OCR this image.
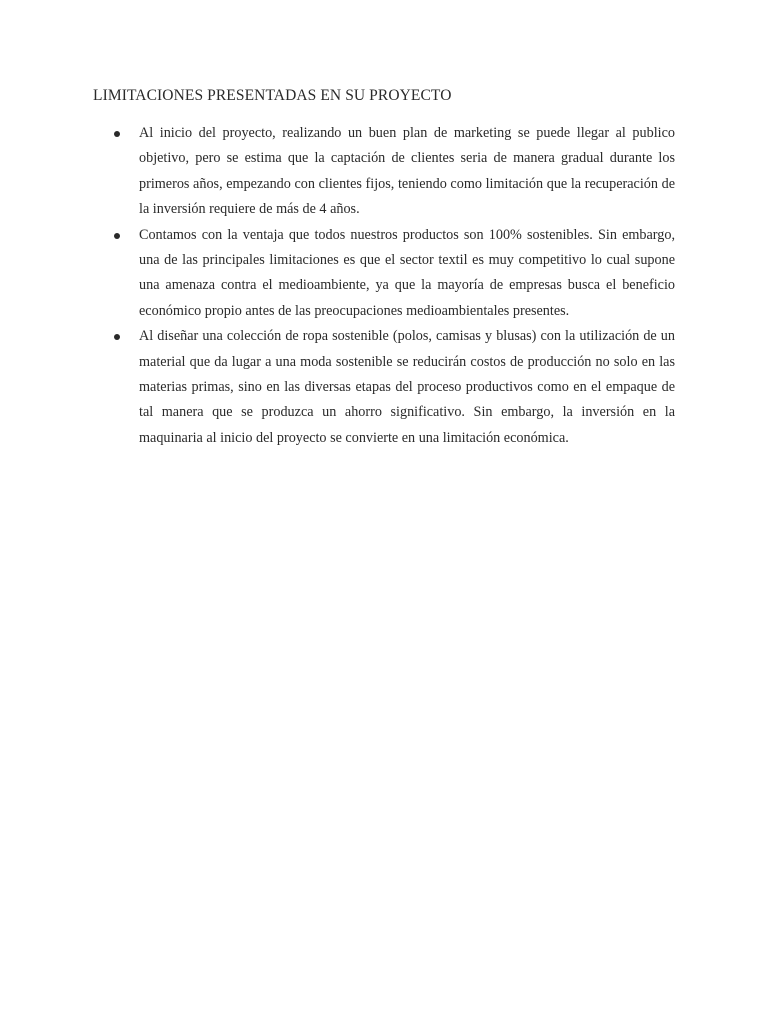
LIMITACIONES PRESENTADAS EN SU PROYECTO
Al inicio del proyecto, realizando un buen plan de marketing se puede llegar al publico objetivo, pero se estima que la captación de clientes seria de manera gradual durante los primeros años, empezando con clientes fijos, teniendo como limitación que la recuperación de la inversión requiere de más de 4 años.
Contamos con la ventaja que todos nuestros productos son 100% sostenibles. Sin embargo, una de las principales limitaciones es que el sector textil es muy competitivo lo cual supone una amenaza contra el medioambiente, ya que la mayoría de empresas busca el beneficio económico propio antes de las preocupaciones medioambientales presentes.
Al diseñar una colección de ropa sostenible (polos, camisas y blusas) con la utilización de un material que da lugar a una moda sostenible se reducirán costos de producción no solo en las materias primas, sino en las diversas etapas del proceso productivos como en el empaque de tal manera que se produzca un ahorro significativo. Sin embargo, la inversión en la maquinaria al inicio del proyecto se convierte en una limitación económica.
